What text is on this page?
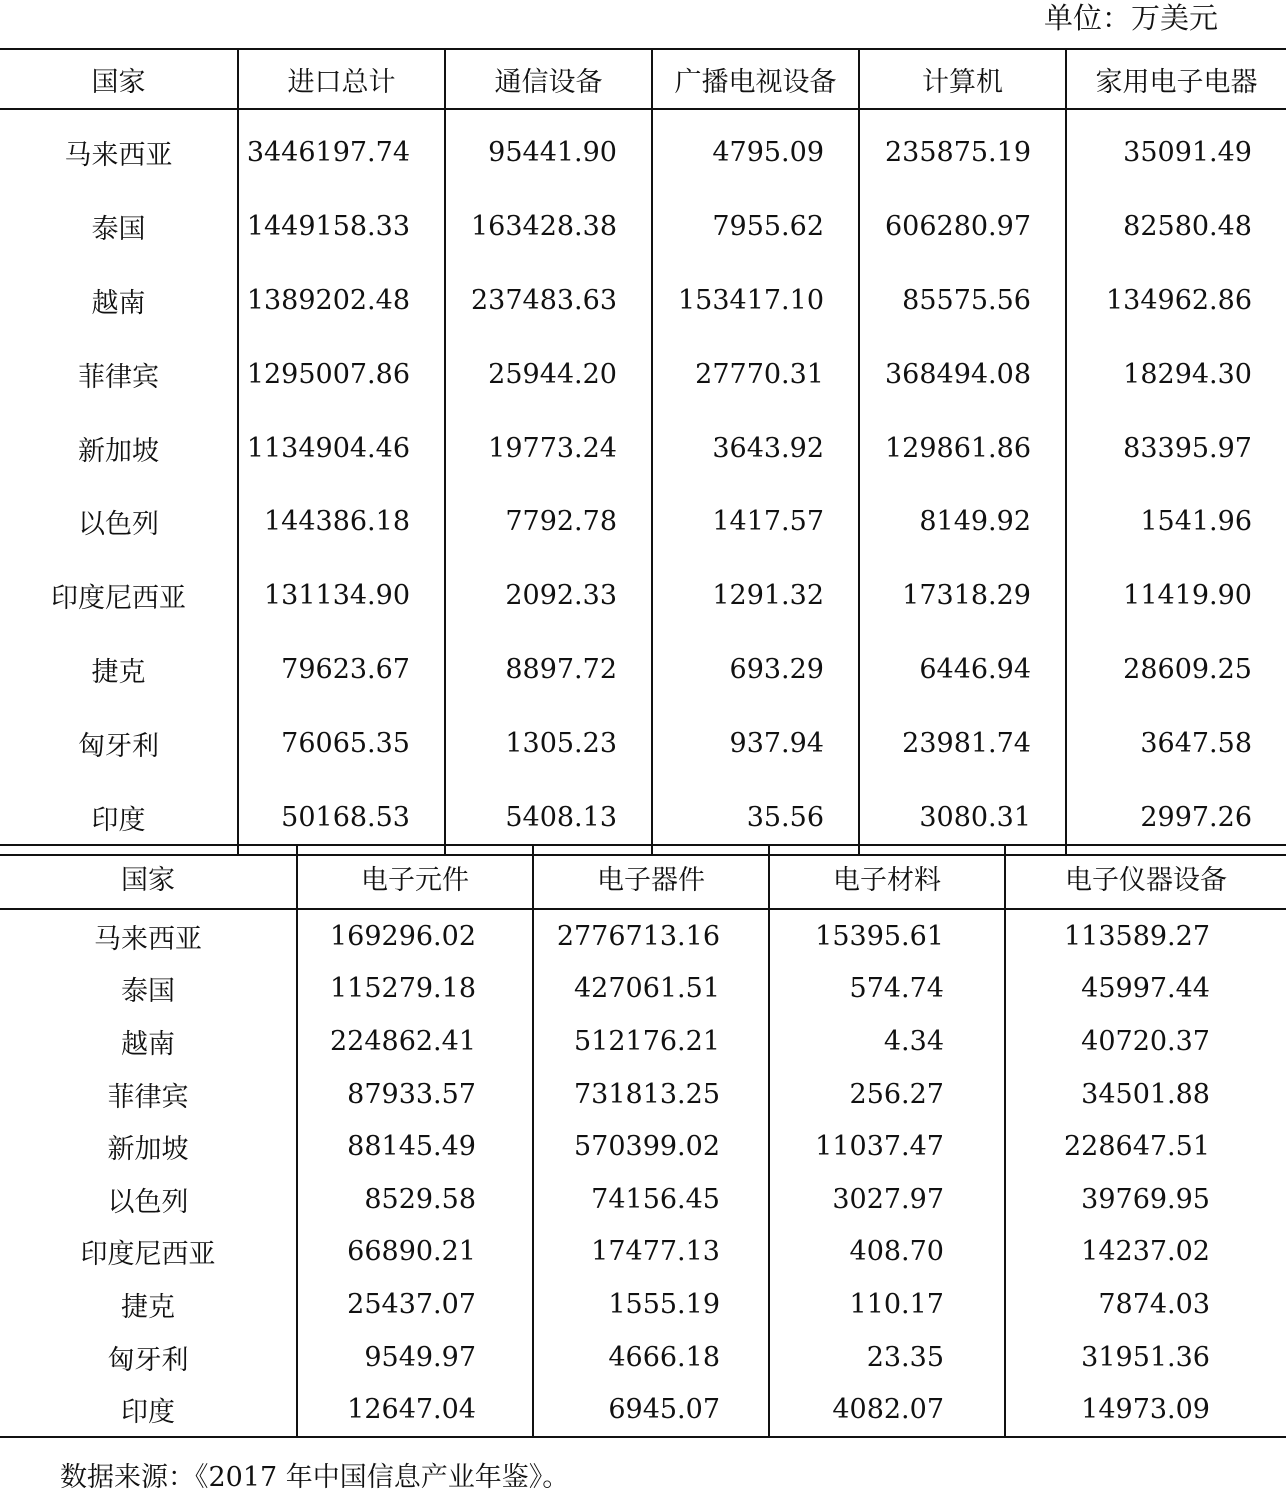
单位：万美元
国家	进口总计	通信设备	广播电视设备	计算机	家用电子电器
马来西亚	3446197.74	95441.90	4795.09	235875.19	35091.49
泰国	1449158.33	163428.38	7955.62	606280.97	82580.48
越南	1389202.48	237483.63	153417.10	85575.56	134962.86
菲律宾	1295007.86	25944.20	27770.31	368494.08	18294.30
新加坡	1134904.46	19773.24	3643.92	129861.86	83395.97
以色列	144386.18	7792.78	1417.57	8149.92	1541.96
印度尼西亚	131134.90	2092.33	1291.32	17318.29	11419.90
捷克	79623.67	8897.72	693.29	6446.94	28609.25
匈牙利	76065.35	1305.23	937.94	23981.74	3647.58
印度	50168.53	5408.13	35.56	3080.31	2997.26
国家	电子元件	电子器件	电子材料	电子仪器设备
马来西亚	169296.02	2776713.16	15395.61	113589.27
泰国	115279.18	427061.51	574.74	45997.44
越南	224862.41	512176.21	4.34	40720.37
菲律宾	87933.57	731813.25	256.27	34501.88
新加坡	88145.49	570399.02	11037.47	228647.51
以色列	8529.58	74156.45	3027.97	39769.95
印度尼西亚	66890.21	17477.13	408.70	14237.02
捷克	25437.07	1555.19	110.17	7874.03
匈牙利	9549.97	4666.18	23.35	31951.36
印度	12647.04	6945.07	4082.07	14973.09
数据来源：《2017 年中国信息产业年鉴》。
